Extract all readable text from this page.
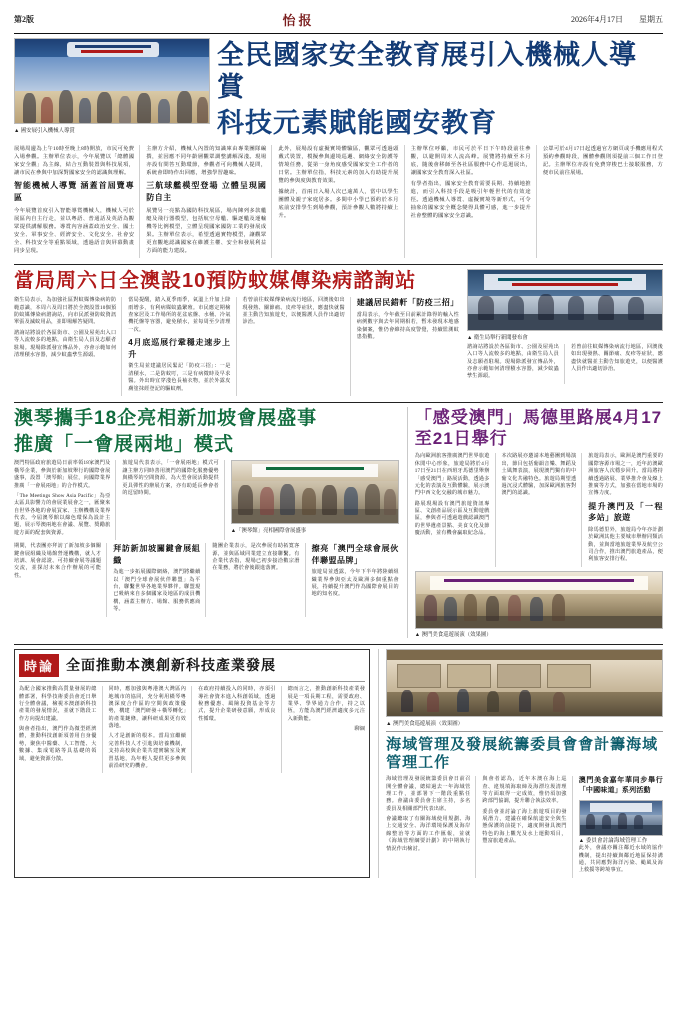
第2版	怡报	2026年4月17日 星期五
▲ 國安展引入機械人導賞
全民國家安全教育展引入機械人導賞
科技元素賦能國安教育

展場周邊為上午10時至晚上8時開放，市民可免費入場參觀。主辦單位表示，今年展覽以「總體國家安全觀」為主線，結合互動裝置與科技展項，讓市民在參與中加深對國家安全的認識與理解。

智能機械人導覽 涵蓋首屆覽專區

今年展覽首度引入智能導賞機械人，機械人可於展區內自主行走，並以粵語、普通話及英語為觀眾提供講解服務。導賞內容涵蓋政治安全、國土安全、軍事安全、經濟安全、文化安全、社會安全、科技安全等重點領域，透過語音與屏幕動畫同步呈現。

主辦方介紹，機械人內置的知識庫由專業團隊編撰，並因應不同年齡層觀眾調整講解深淺。現場亦設有問答互動環節，參觀者可向機械人提問，系統會即時作出回應，增強學習趣味。

三航球艦模型登場 立體呈現國防自主

展覽另一亮點為國防科技展區，場內陳列多款艦艇及飛行器模型，包括航空母艦、驅逐艦及運輸機等比例模型，立體呈現國家國防工業的發展成果。主辦單位表示，希望透過實物模型，讓觀眾更直觀地認識國家在維護主權、安全和發展利益方面的能力建設。

此外，展場設有虛擬實境體驗區，觀眾可透過頭戴式裝置，模擬參與邊境巡邏、網絡安全防護等情境任務，從第一身角度感受國家安全工作者的日常。主辦單位指，科技元素的加入有助提升展覽的參與度與教育效果。

據統計，首兩日入場人次已逾萬人，當中以學生團體及親子家庭居多。多間中小學已預約於本月底前安排學生到場參觀，預計參觀人數將持續上升。

主辦單位呼籲，市民可於平日下午時段前往參觀，以避開周末人流高峰。展覽將持續至本月底，隨後會移師至各社區服務中心作巡迴展出，讓國家安全教育深入社區。

有學者指出，國家安全教育需要長期、持續地推進，而引入科技手段是吸引年輕世代的有效途徑。透過機械人導賞、虛擬實境等新形式，可令抽象的國家安全概念變得具體可感，進一步提升社會整體的國家安全意識。

公眾可於4月17日起透過官方網頁或手機應用程式預約參觀時段，團體參觀則須提前三個工作日登記。主辦單位亦設有免費穿梭巴士接駁服務，方便市民前往展場。

當局周六日全澳設10預防蚊媒傳染病諮詢站

衛生局表示，為加強社區對蚊媒傳染病的防範意識，本周六及周日將於全澳設置10個預防蚊媒傳染病諮詢站，向市民派發防蚊資訊單張及滅蚊用品，並即場解答疑問。

諮詢站將設於各區街市、公園及屋苑出入口等人流較多的地點，由衛生局人員及志願者駐場。現場除派發宣傳品外，亦會示範如何清理積水容器，減少蚊蟲孳生源頭。

當局提醒，踏入夏季雨季，氣溫上升加上降雨增多，有利病媒蚊蟲繁殖。市民應定期檢查家居及工作場所的花盆底盤、水桶、冷氣機托盤等容器，避免積水，並每周至少清理一次。

4月底巡展行鞏穩走速步上升

衛生局並建議居民緊記「防疫三招」：一是清積水，二是防蚊叮，三是有病徵時及早求醫。外出時宜穿淺色長袖衣物，並於外露皮膚塗抹經登記的驅蚊劑。

若曾前往蚊媒傳染病流行地區，回澳後如出現發熱、關節痛、皮疹等症狀，應盡快就醫並主動告知旅遊史，以便醫護人員作出適切診治。

建議居民錯軒「防疫三招」

當局表示，今年截至目前累計錄得的輸入性病例數字與去年同期相若，暫未發現本地感染個案，惟仍會維持高度警覺，持續監測蚊患指數。	▲ 衛生局舉行新聞發布會

諮詢站將設於各區街市、公園及屋苑出入口等人流較多的地點，由衛生局人員及志願者駐場。現場除派發宣傳品外，亦會示範如何清理積水容器，減少蚊蟲孳生源頭。

若曾前往蚊媒傳染病流行地區，回澳後如出現發熱、關節痛、皮疹等症狀，應盡快就醫並主動告知旅遊史，以便醫護人員作出適切診治。

澳琴攜手18企亮相新加坡會展盛事
推廣「一會展兩地」模式

澳門特區政府旅遊局日前率領18家澳門及橫琴企業，參與於新加坡舉行的國際會展盛事，設置「澳琴館」展位，向國際業界推廣「一會展兩地」的合作模式。

「The Meetings Show Asia Pacific」為亞太區具影響力的會展業展會之一，匯聚來自世界各地的會展買家、主辦機構及業界代表。今屆澳琴館以綠色環保為設計主題，展示琴澳兩地在會議、展覽、獎勵旅遊方面的配套與資源。

旅遊局代表表示，「一會展兩地」模式可讓主辦方同時善用澳門的國際化服務優勢與橫琴的空間資源，為大型會展活動提供更具彈性的辦展方案，亦有助延長參會者的逗留時間。

▲「澳琴館」亮相國際會展盛事

期間，代表團亦拜訪了新加坡多個關鍵會展組織及場館營運機構，就人才培訓、展會認證、可持續會展等議題交流，並探討未來合作辦展的可能性。

拜訪新加坡關鍵會展組織

為進一步拓展國際網絡，澳門將繼續以「澳門全球會展伙伴聯盟」為平台，聯繫世界各地業界夥伴。聯盟現已吸納來自多個國家及地區的成員機構，涵蓋主辦方、場館、服務供應商等。

隨團企業表示，是次參展有助拓寬客源，並與區域同業建立直接聯繫。有企業代表指，現場已初步接洽數宗潛在業務，將於會後跟進落實。

擦亮「澳門全球會展伙伴聯盟品牌」

旅遊局並透露，今年下半年將陸續組織業界參與亞太及歐洲多個重點會展，持續提升澳門作為國際會展目的地的知名度。

「感受澳門」馬德里路展4月17至21日舉行

為向歐洲旅客推廣澳門世界旅遊休閒中心形象，旅遊局將於4月17日至21日在西班牙馬德里舉辦「感受澳門」路展活動，透過多元化的表演及互動體驗，展示澳門中西文化交融的城市魅力。

路展現場設有澳門旅遊資訊專區、文創產品展示區及互動遊戲區，參與者可透過遊戲認識澳門的世界遺產景點、美食文化及節慶活動，並有機會贏取紀念品。

本次路展亦邀請本地藝團到場演出，節目包括葡韻音樂、舞蹈及土風舞表演，展現澳門獨有的中葡文化共融特色。旅遊局期望透過沉浸式體驗，加深歐洲旅客對澳門的認識。

旅遊局表示，歐洲是澳門重要的國際客源市場之一，近年訪澳歐洲旅客人次穩步回升。當局將持續透過路展、業界推介會及線上推廣等方式，加強在當地市場的宣傳力度。

提升澳門及「一程多站」旅遊

除馬德里外，旅遊局今年亦計劃於歐洲其他主要城市舉辦同類活動，並與當地旅遊業界及航空公司合作，推出澳門旅遊產品，便利旅客安排行程。

▲ 澳門美食巡遊展演（效果圖）
時論 全面推動本澳創新科技產業發展

為配合國家推動高質量發展的總體部署，科學技術委員會近日舉行全體會議，檢視本澳創新科技產業的發展情況，並就下階段工作方向提出建議。

與會者指出，澳門作為微型經濟體，推動科技創新須善用自身優勢，聚焦中醫藥、人工智能、大數據、集成電路等具基礎的領域，避免資源分散。

同時，應加強與粵港澳大灣區內地城市的協同，充分利用橫琴粵澳深度合作區的空間與政策優勢，構建「澳門研發＋橫琴轉化」的產業鏈條，讓科研成果更有效落地。

人才是創新的根本。當局宜繼續完善科技人才引進與培養機制，支持高校與企業共建實驗室及實習基地，為年輕人提供更多參與前沿研究的機會。

在政府持續投入的同時，亦須引導社會資本進入科創領域，透過稅務優惠、風險投資基金等方式，提升企業研發意願，形成良性循環。

總而言之，推動創新科技產業發展是一項長期工程，需要政府、業界、學界通力合作，持之以恆，方能為澳門經濟適度多元注入新動能。

聊綱
▲ 澳門美食巡遊展演（效果圖）
海域管理及發展統籌委員會會計籌海域管理工作

海域管理及發展統籌委員會日前召開全體會議，總結過去一年海域管理工作，並部署下一階段重點任務。會議由委員會主席主持，多名委員及相關部門代表出席。

會議聽取了有關海域使用規劃、海上交通安全、海洋環境保護及海岸線整治等方面的工作匯報，並就《海域管理綱要計劃》的中期執行情況作出檢討。

與會者認為，近年本澳在海上巡查、違規填海取締及海漂垃圾清理等方面取得一定成效，惟仍須加強跨部門協調，提升聯合執法效率。

委員會並討論了海上旅遊項目的發展潛力，建議在確保航道安全與生態保護的前提下，適度開發具澳門特色的海上觀光及水上運動項目，豐富旅遊產品。

澳門美食嘉年華同步舉行 「中國味道」系列活動

▲ 委員會討論海域管理工作

此外，會議亦關注鄰近水域的協作機制，提出持續與鄰近地區保持溝通，共同應對海洋污染、颱風及海上救援等跨境事宜。
